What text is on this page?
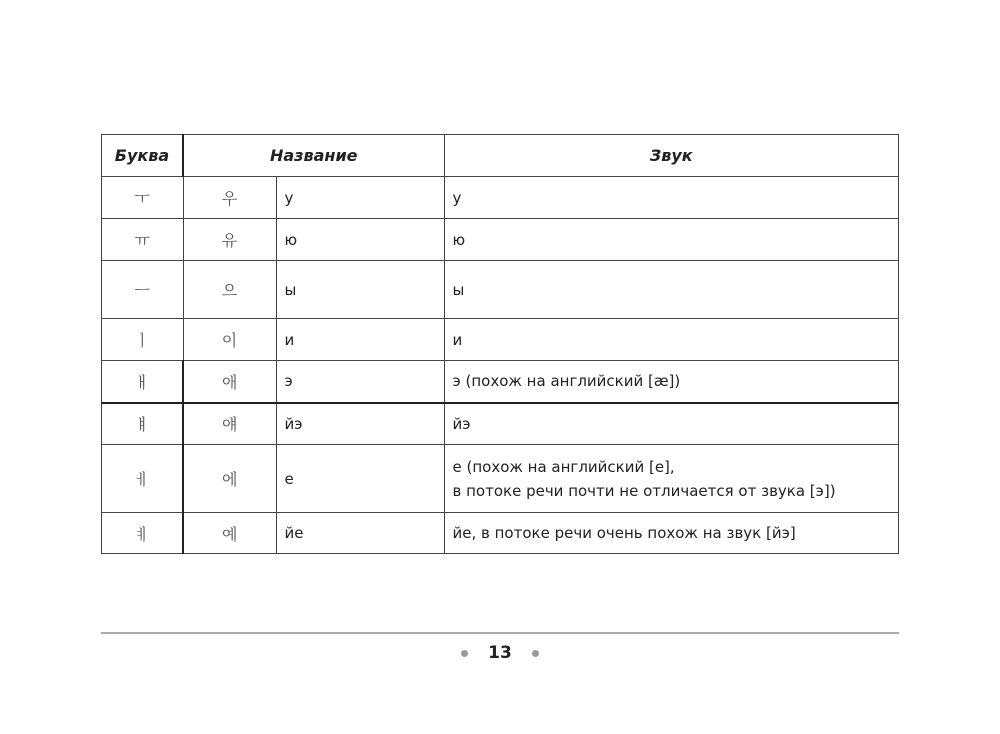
Буква	Название		Звук
ㅜ	우	у	у
ㅠ	유	ю	ю
ㅡ	으	ы	ы
ㅣ	이	и	и
ㅐ	애	э	э (похож на английский [æ])
ㅒ	얘	йэ	йэ
ㅔ	에	е	е (похож на английский [e],
в потоке речи почти не отличается от звука [э])
ㅖ	예	йе	йе, в потоке речи очень похож на звук [йэ]
13
